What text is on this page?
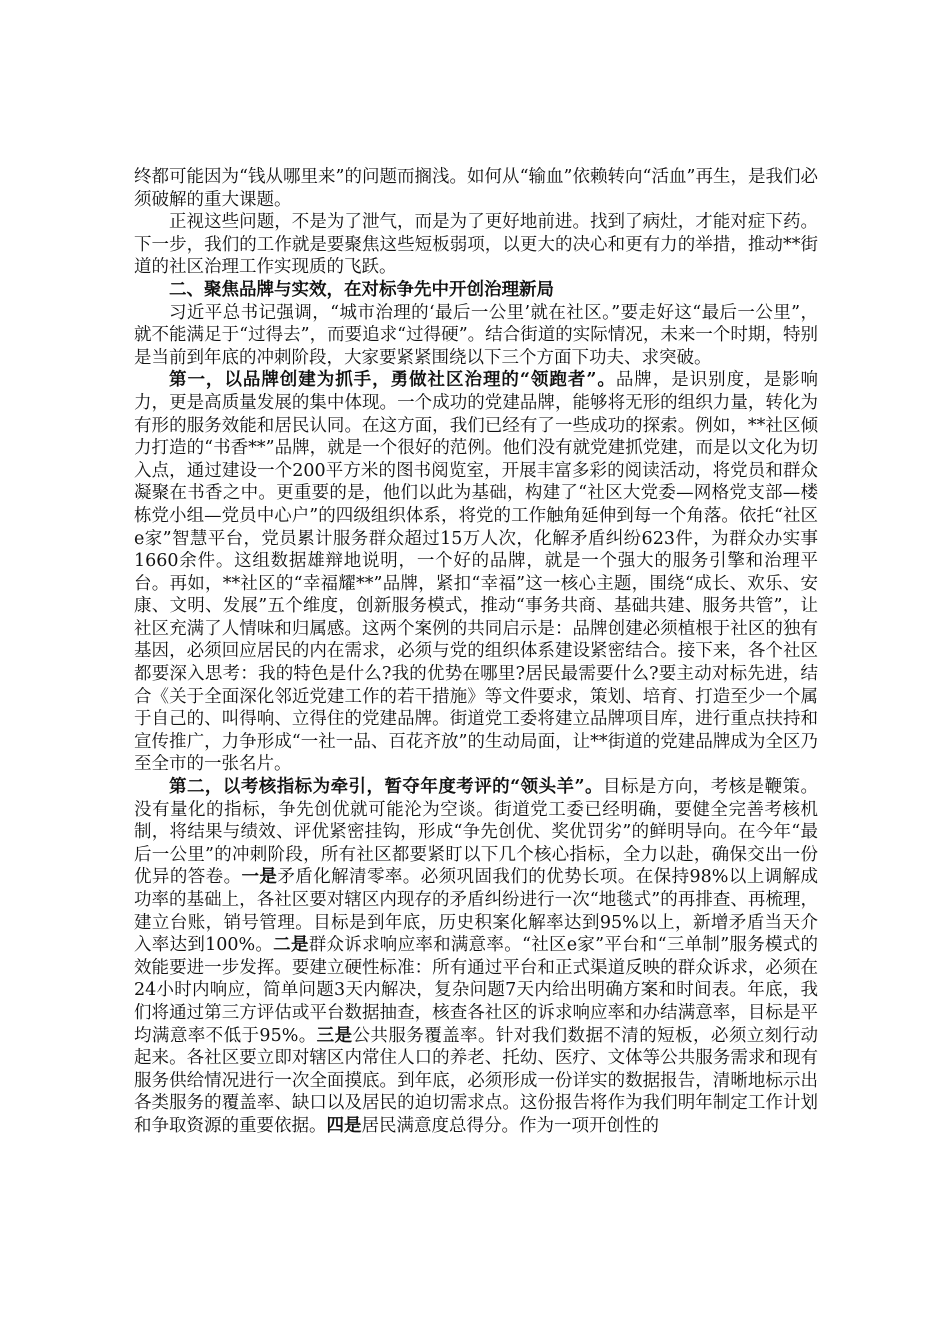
终都可能因为“钱从哪里来”的问题而搁浅。如何从“输血”依赖转向“活血”再生，是我们必须破解的重大课题。

正视这些问题，不是为了泄气，而是为了更好地前进。找到了病灶，才能对症下药。下一步，我们的工作就是要聚焦这些短板弱项，以更大的决心和更有力的举措，推动**街道的社区治理工作实现质的飞跃。

二、聚焦品牌与实效，在对标争先中开创治理新局

习近平总书记强调，“城市治理的‘最后一公里’就在社区。”要走好这“最后一公里”，就不能满足于“过得去”，而要追求“过得硬”。结合街道的实际情况，未来一个时期，特别是当前到年底的冲刺阶段，大家要紧紧围绕以下三个方面下功夫、求突破。

第一，以品牌创建为抓手，勇做社区治理的“领跑者”。品牌，是识别度，是影响力，更是高质量发展的集中体现。一个成功的党建品牌，能够将无形的组织力量，转化为有形的服务效能和居民认同。在这方面，我们已经有了一些成功的探索。例如，**社区倾力打造的“书香**”品牌，就是一个很好的范例。他们没有就党建抓党建，而是以文化为切入点，通过建设一个200平方米的图书阅览室，开展丰富多彩的阅读活动，将党员和群众凝聚在书香之中。更重要的是，他们以此为基础，构建了“社区大党委—网格党支部—楼栋党小组—党员中心户”的四级组织体系，将党的工作触角延伸到每一个角落。依托“社区e家”智慧平台，党员累计服务群众超过15万人次，化解矛盾纠纷623件，为群众办实事1660余件。这组数据雄辩地说明，一个好的品牌，就是一个强大的服务引擎和治理平台。再如，**社区的“幸福耀**”品牌，紧扣“幸福”这一核心主题，围绕“成长、欢乐、安康、文明、发展”五个维度，创新服务模式，推动“事务共商、基础共建、服务共管”，让社区充满了人情味和归属感。这两个案例的共同启示是：品牌创建必须植根于社区的独有基因，必须回应居民的内在需求，必须与党的组织体系建设紧密结合。接下来，各个社区都要深入思考：我的特色是什么?我的优势在哪里?居民最需要什么?要主动对标先进，结合《关于全面深化邻近党建工作的若干措施》等文件要求，策划、培育、打造至少一个属于自己的、叫得响、立得住的党建品牌。街道党工委将建立品牌项目库，进行重点扶持和宣传推广，力争形成“一社一品、百花齐放”的生动局面，让**街道的党建品牌成为全区乃至全市的一张名片。

第二，以考核指标为牵引，暂夺年度考评的“领头羊”。目标是方向，考核是鞭策。没有量化的指标，争先创优就可能沦为空谈。街道党工委已经明确，要健全完善考核机制，将结果与绩效、评优紧密挂钩，形成“争先创优、奖优罚劣”的鲜明导向。在今年“最后一公里”的冲刺阶段，所有社区都要紧盯以下几个核心指标，全力以赴，确保交出一份优异的答卷。一是矛盾化解清零率。必须巩固我们的优势长项。在保持98%以上调解成功率的基础上，各社区要对辖区内现存的矛盾纠纷进行一次“地毯式”的再排查、再梳理，建立台账，销号管理。目标是到年底，历史积案化解率达到95%以上，新增矛盾当天介入率达到100%。二是群众诉求响应率和满意率。“社区e家”平台和“三单制”服务模式的效能要进一步发挥。要建立硬性标准：所有通过平台和正式渠道反映的群众诉求，必须在24小时内响应，简单问题3天内解决，复杂问题7天内给出明确方案和时间表。年底，我们将通过第三方评估或平台数据抽查，核查各社区的诉求响应率和办结满意率，目标是平均满意率不低于95%。三是公共服务覆盖率。针对我们数据不清的短板，必须立刻行动起来。各社区要立即对辖区内常住人口的养老、托幼、医疗、文体等公共服务需求和现有服务供给情况进行一次全面摸底。到年底，必须形成一份详实的数据报告，清晰地标示出各类服务的覆盖率、缺口以及居民的迫切需求点。这份报告将作为我们明年制定工作计划和争取资源的重要依据。四是居民满意度总得分。作为一项开创性的
